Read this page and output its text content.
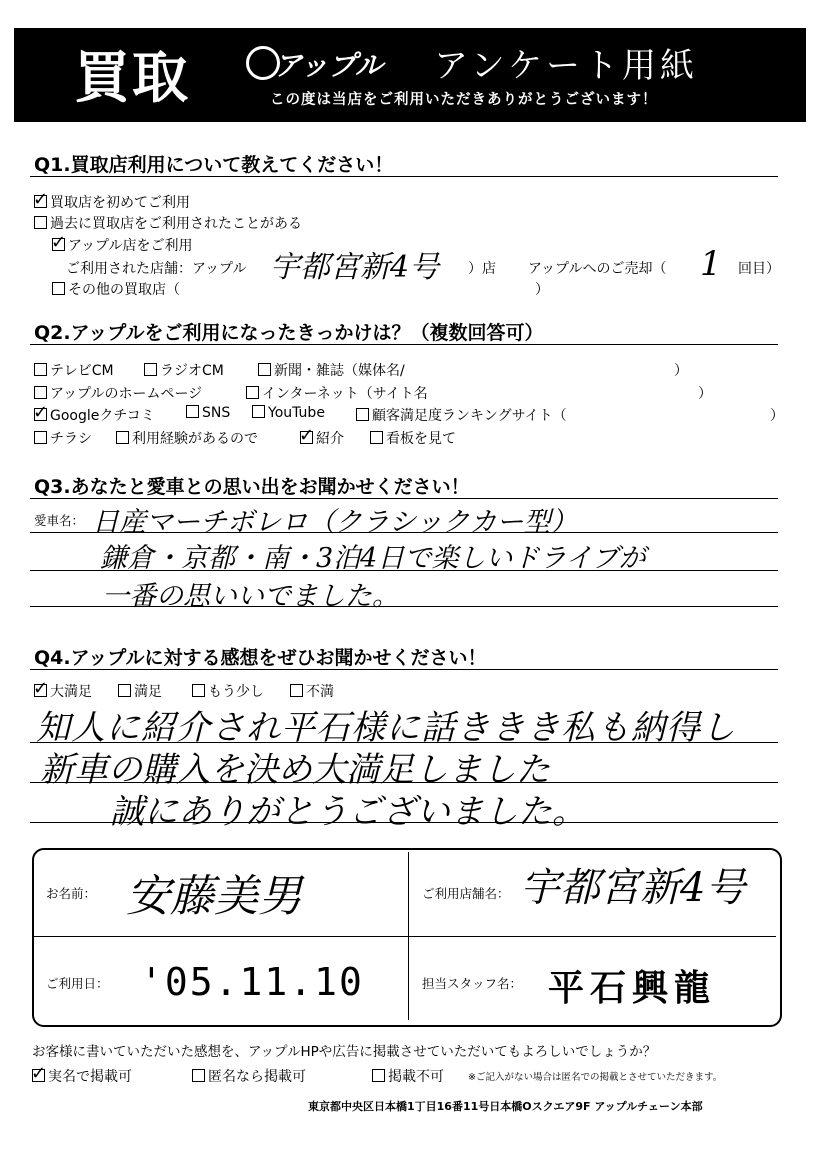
買取	アップル アンケート用紙
この度は当店をご利用いただきありがとうございます！
Q1.買取店利用について教えてください！
✓ 買取店を初めてご利用
過去に買取店をご利用されたことがある
✓ アップル店をご利用
ご利用された店舗：アップル 宇都宮新4号 ）店 アップルへのご売却（ 1 回目）
その他の買取店（	）
Q2.アップルをご利用になったきっかけは？（複数回答可）
テレビCM	ラジオCM	新聞・雑誌（媒体名/	）
アップルのホームページ	インターネット（サイト名	）
✓ Googleクチコミ	SNS	YouTube	顧客満足度ランキングサイト（	）
チラシ	利用経験があるので ✓ 紹介	看板を見て
Q3.あなたと愛車との思い出をお聞かせください！
愛車名： 日産マーチボレロ（クラシックカー型）
鎌倉・京都・南・3泊4日で楽しいドライブが
一番の思いいでました。
Q4.アップルに対する感想をぜひお聞かせください！
✓ 大満足	満足	もう少し	不満
知人に紹介され平石様に話ききき私も納得し
新車の購入を決め大満足しました
誠にありがとうございました。
お名前： 安藤美男	ご利用店舗名： 宇都宮新4号
ご利用日： '05.11.10	担当スタッフ名： 平石興龍
お客様に書いていただいた感想を、アップルHPや広告に掲載させていただいてもよろしいでしょうか？
✓ 実名で掲載可	匿名なら掲載可	掲載不可	※ご記入がない場合は匿名での掲載とさせていただきます。
東京都中央区日本橋1丁目16番11号日本橋Oスクエア9F アップルチェーン本部
